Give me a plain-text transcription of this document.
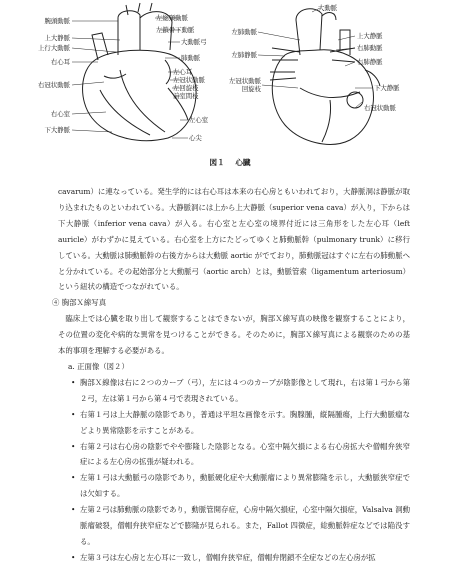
腕頭動脈
上大静脈
上行大動脈
右心耳
右冠状動脈
右心室
下大静脈
左総頸動脈
左鎖骨下動脈
大動脈弓
肺動脈
左心耳
左冠状動脈
左回旋枝
前室間枝
左心室
心尖
大動脈
左肺動脈
左肺静脈
左冠状動脈
回旋枝
上大静脈
右肺動脈
右肺静脈
下大静脈
右冠状動脈
図１ 心臓

cavarum）に連なっている。発生学的には右心耳は本来の右心房ともいわれており，大静脈洞は静脈が取り込まれたものといわれている。大静脈洞には上から上大静脈（superior vena cava）が入り，下からは下大静脈（inferior vena cava）が入る。右心室と左心室の境界付近には三角形をした左心耳（left auricle）がわずかに見えている。右心室を上方にたどってゆくと肺動脈幹（pulmonary trunk）に移行している。大動脈は肺動脈幹の右後方からは大動脈 aortic がでており，肺動脈冠はすぐに左右の肺動脈へと分かれている。その起始部分と大動脈弓（aortic arch）とは，動脈管索（ligamentum arteriosum）という紐状の構造でつながれている。

④ 胸部Ｘ線写真

臨床上では心臓を取り出して観察することはできないが，胸部Ｘ線写真の映像を観察することにより，その位置の変化や病的な異常を見つけることができる。そのために，胸部Ｘ線写真による観察のための基本的事項を理解する必要がある。

a. 正面像（図２）

• 胸部Ｘ線像は右に２つのカーブ（弓），左には４つのカーブが陰影像として現れ，右は第１弓から第２弓，左は第１弓から第４弓で表現されている。
• 右第１弓は上大静脈の陰影であり，普通は平坦な画像を示す。胸腺腫，縦隔腫瘍，上行大動脈瘤などより異常陰影を示すことがある。
• 右第２弓は右心房の陰影でやや膨隆した陰影となる。心室中隔欠損による右心房拡大や僧帽弁狭窄症による左心房の拡張が疑われる。
• 左第１弓は大動脈弓の陰影であり，動脈硬化症や大動脈瘤により異常膨隆を示し，大動脈狭窄症では欠如する。
• 左第２弓は肺動脈の陰影であり，動脈管開存症，心房中隔欠損症，心室中隔欠損症，Valsalva 洞動脈瘤破裂，僧帽弁狭窄症などで膨隆が見られる。また，Fallot 四徴症，総動脈幹症などでは陥没する。
• 左第３弓は左心房と左心耳に一致し，僧帽弁狭窄症，僧帽弁閉鎖不全症などの左心房が拡
